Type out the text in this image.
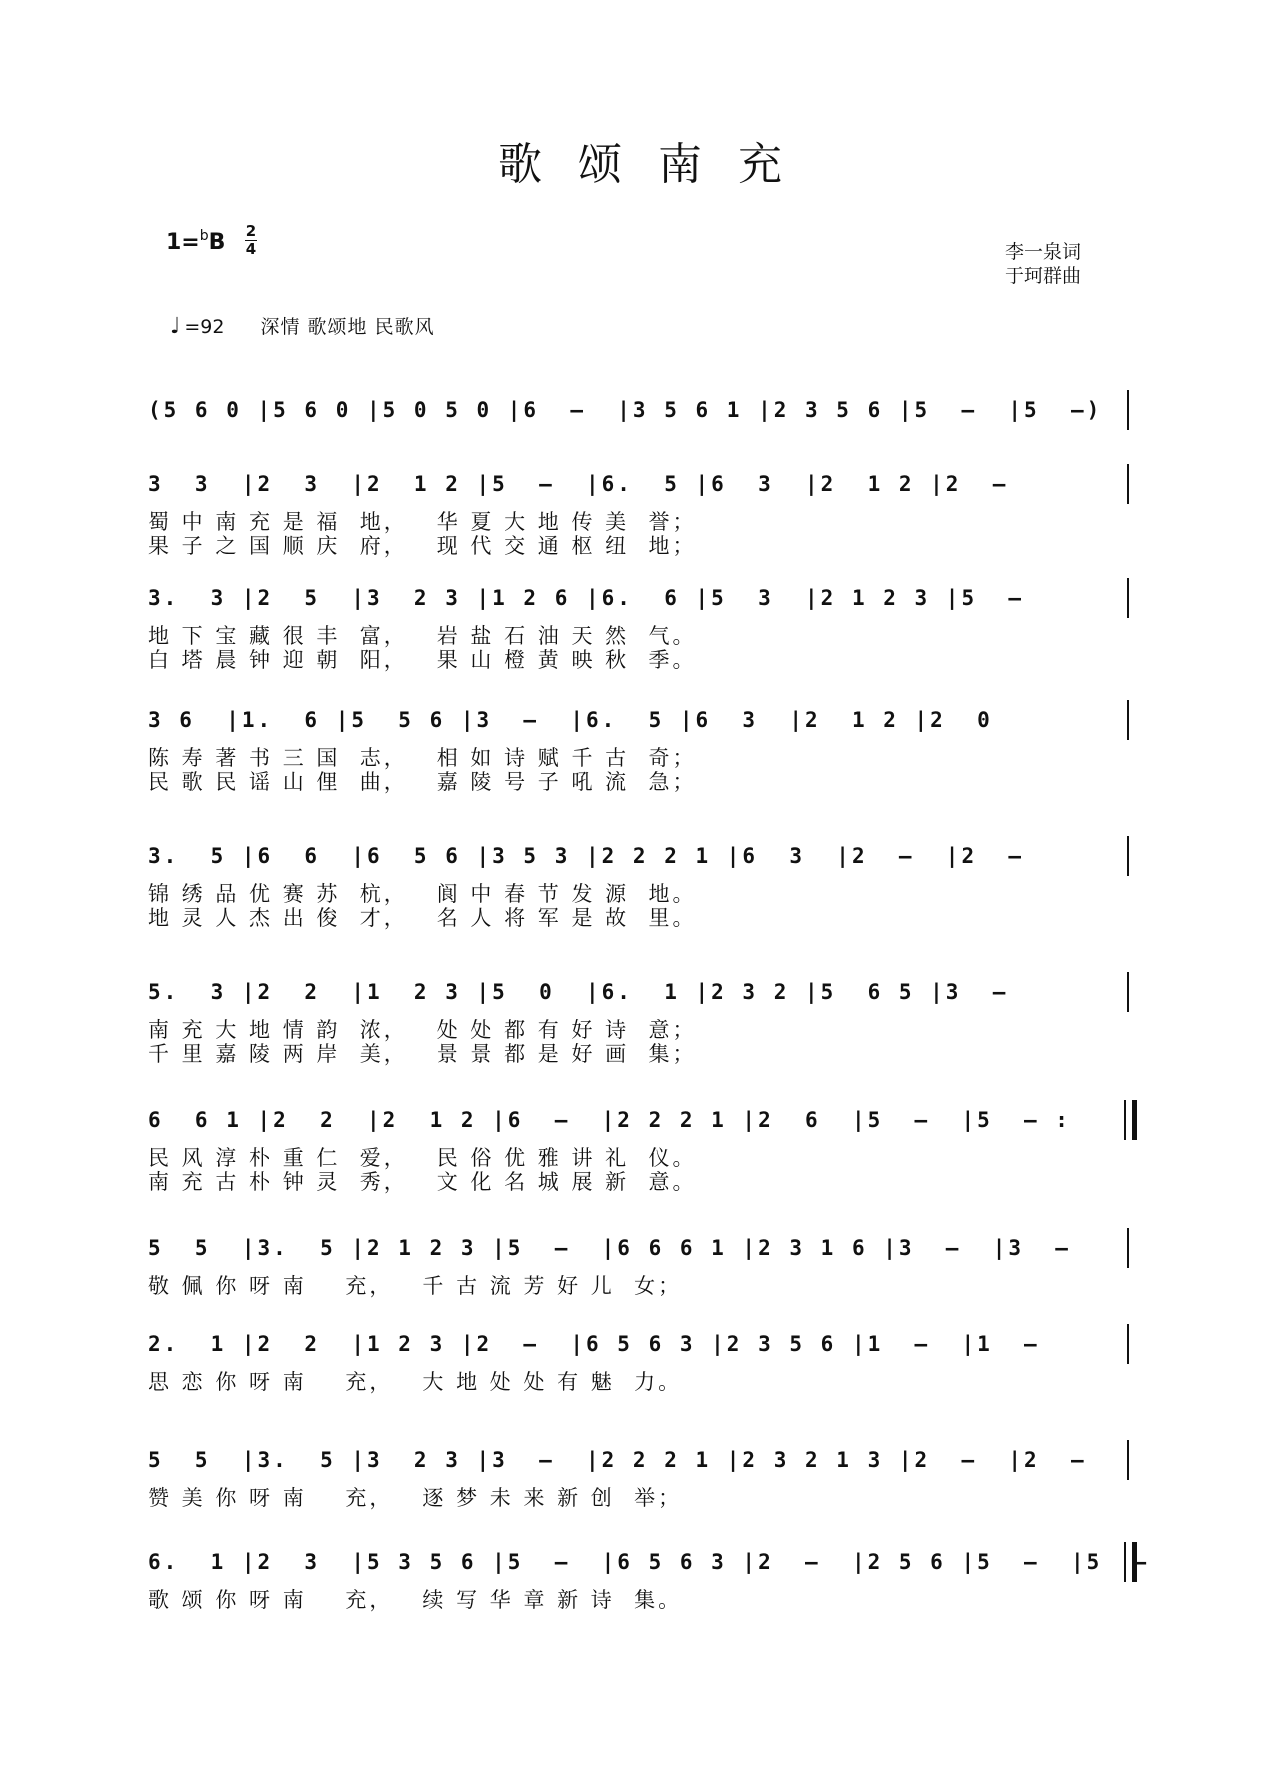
歌颂南充
1=$^b$B 2
4	李一泉词
于珂群曲
♩ =92 深情 歌颂地 民歌风
(5 6 0 |5 6 0 |5 0 5 0 |6  –  |3 5 6 1 |2 3 5 6 |5  –  |5  –)
3  3  |2  3  |2  1 2 |5  –  |6.  5 |6  3  |2  1 2 |2  –
蜀 中 南 充 是 福  地，   华 夏 大 地 传 美  誉；
果 子 之 国 顺 庆  府，   现 代 交 通 枢 纽  地；
3.  3 |2  5  |3  2 3 |1 2 6 |6.  6 |5  3  |2 1 2 3 |5  –
地 下 宝 藏 很 丰  富，   岩 盐 石 油 天 然  气。
白 塔 晨 钟 迎 朝  阳，   果 山 橙 黄 映 秋  季。
3 6  |1.  6 |5  5 6 |3  –  |6.  5 |6  3  |2  1 2 |2  0
陈 寿 著 书 三 国  志，   相 如 诗 赋 千 古  奇；
民 歌 民 谣 山 俚  曲，   嘉 陵 号 子 吼 流  急；
3.  5 |6  6  |6  5 6 |3 5 3 |2 2 2 1 |6  3  |2  –  |2  –
锦 绣 品 优 赛 苏  杭，   阆 中 春 节 发 源  地。
地 灵 人 杰 出 俊  才，   名 人 将 军 是 故  里。
5.  3 |2  2  |1  2 3 |5  0  |6.  1 |2 3 2 |5  6 5 |3  –
南 充 大 地 情 韵  浓，   处 处 都 有 好 诗  意；
千 里 嘉 陵 两 岸  美，   景 景 都 是 好 画  集；
6  6 1 |2  2  |2  1 2 |6  –  |2 2 2 1 |2  6  |5  –  |5  – :
民 风 淳 朴 重 仁  爱，   民 俗 优 雅 讲 礼  仪。
南 充 古 朴 钟 灵  秀，   文 化 名 城 展 新  意。
5  5  |3.  5 |2 1 2 3 |5  –  |6 6 6 1 |2 3 1 6 |3  –  |3  –
敬 佩 你 呀 南    充，   千 古 流 芳 好 儿  女；
2.  1 |2  2  |1 2 3 |2  –  |6 5 6 3 |2 3 5 6 |1  –  |1  –
思 恋 你 呀 南    充，   大 地 处 处 有 魅  力。
5  5  |3.  5 |3  2 3 |3  –  |2 2 2 1 |2 3 2 1 3 |2  –  |2  –
赞 美 你 呀 南    充，   逐 梦 未 来 新 创  举；
6.  1 |2  3  |5 3 5 6 |5  –  |6 5 6 3 |2  –  |2 5 6 |5  –  |5  –
歌 颂 你 呀 南    充，   续 写 华 章 新 诗  集。
